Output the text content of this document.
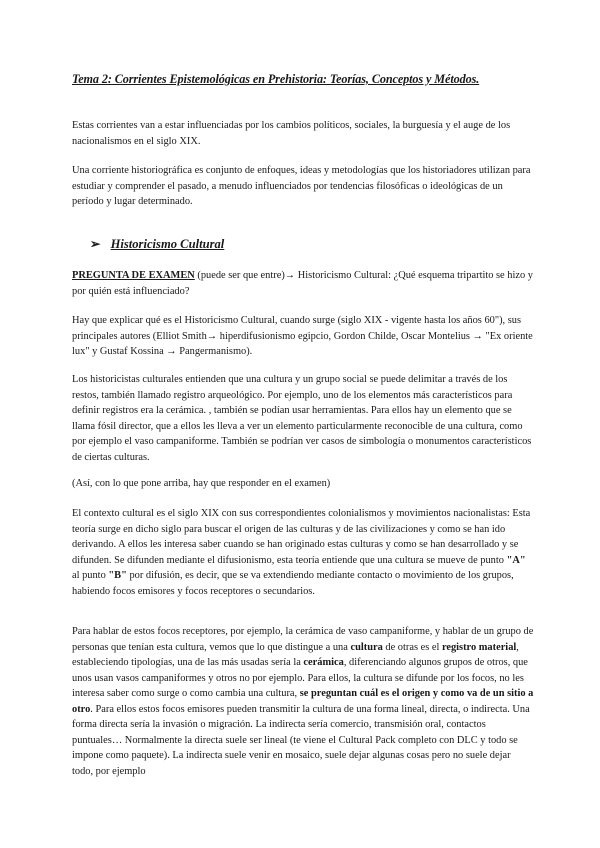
Tema 2: Corrientes Epistemológicas en Prehistoria: Teorías, Conceptos y Métodos.

Estas corrientes van a estar influenciadas por los cambios políticos, sociales, la burguesía y el auge de los nacionalismos en el siglo XIX.

Una corriente historiográfica es conjunto de enfoques, ideas y metodologías que los historiadores utilizan para estudiar y comprender el pasado, a menudo influenciados por tendencias filosóficas o ideológicas de un período y lugar determinado.

➢ Historicismo Cultural

PREGUNTA DE EXAMEN (puede ser que entre)→ Historicismo Cultural: ¿Qué esquema tripartito se hizo y por quién está influenciado?

Hay que explicar qué es el Historicismo Cultural, cuando surge (siglo XIX - vigente hasta los años 60"), sus principales autores (Elliot Smith→ hiperdifusionismo egipcio, Gordon Childe, Oscar Montelius → "Ex oriente lux" y Gustaf Kossina → Pangermanismo).

Los historicistas culturales entienden que una cultura y un grupo social se puede delimitar a través de los restos, también llamado registro arqueológico. Por ejemplo, uno de los elementos más característicos para definir registros era la cerámica. , también se podían usar herramientas. Para ellos hay un elemento que se llama fósil director, que a ellos les lleva a ver un elemento particularmente reconocible de una cultura, como por ejemplo el vaso campaniforme. También se podrían ver casos de simbología o monumentos característicos de ciertas culturas.

(Así, con lo que pone arriba, hay que responder en el examen)

El contexto cultural es el siglo XIX con sus correspondientes colonialismos y movimientos nacionalistas: Esta teoría surge en dicho siglo para buscar el origen de las culturas y de las civilizaciones y como se han ido derivando. A ellos les interesa saber cuando se han originado estas culturas y como se han desarrollado y se difunden. Se difunden mediante el difusionismo, esta teoría entiende que una cultura se mueve de punto "A" al punto "B" por difusión, es decir, que se va extendiendo mediante contacto o movimiento de los grupos, habiendo focos emisores y focos receptores o secundarios.

Para hablar de estos focos receptores, por ejemplo, la cerámica de vaso campaniforme, y hablar de un grupo de personas que tenían esta cultura, vemos que lo que distingue a una cultura de otras es el registro material, estableciendo tipologías, una de las más usadas sería la cerámica, diferenciando algunos grupos de otros, que unos usan vasos campaniformes y otros no por ejemplo. Para ellos, la cultura se difunde por los focos, no les interesa saber como surge o como cambia una cultura, se preguntan cuál es el origen y como va de un sitio a otro. Para ellos estos focos emisores pueden transmitir la cultura de una forma lineal, directa, o indirecta. Una forma directa sería la invasión o migración. La indirecta sería comercio, transmisión oral, contactos puntuales… Normalmente la directa suele ser lineal (te viene el Cultural Pack completo con DLC y todo se impone como paquete). La indirecta suele venir en mosaico, suele dejar algunas cosas pero no suele dejar todo, por ejemplo
